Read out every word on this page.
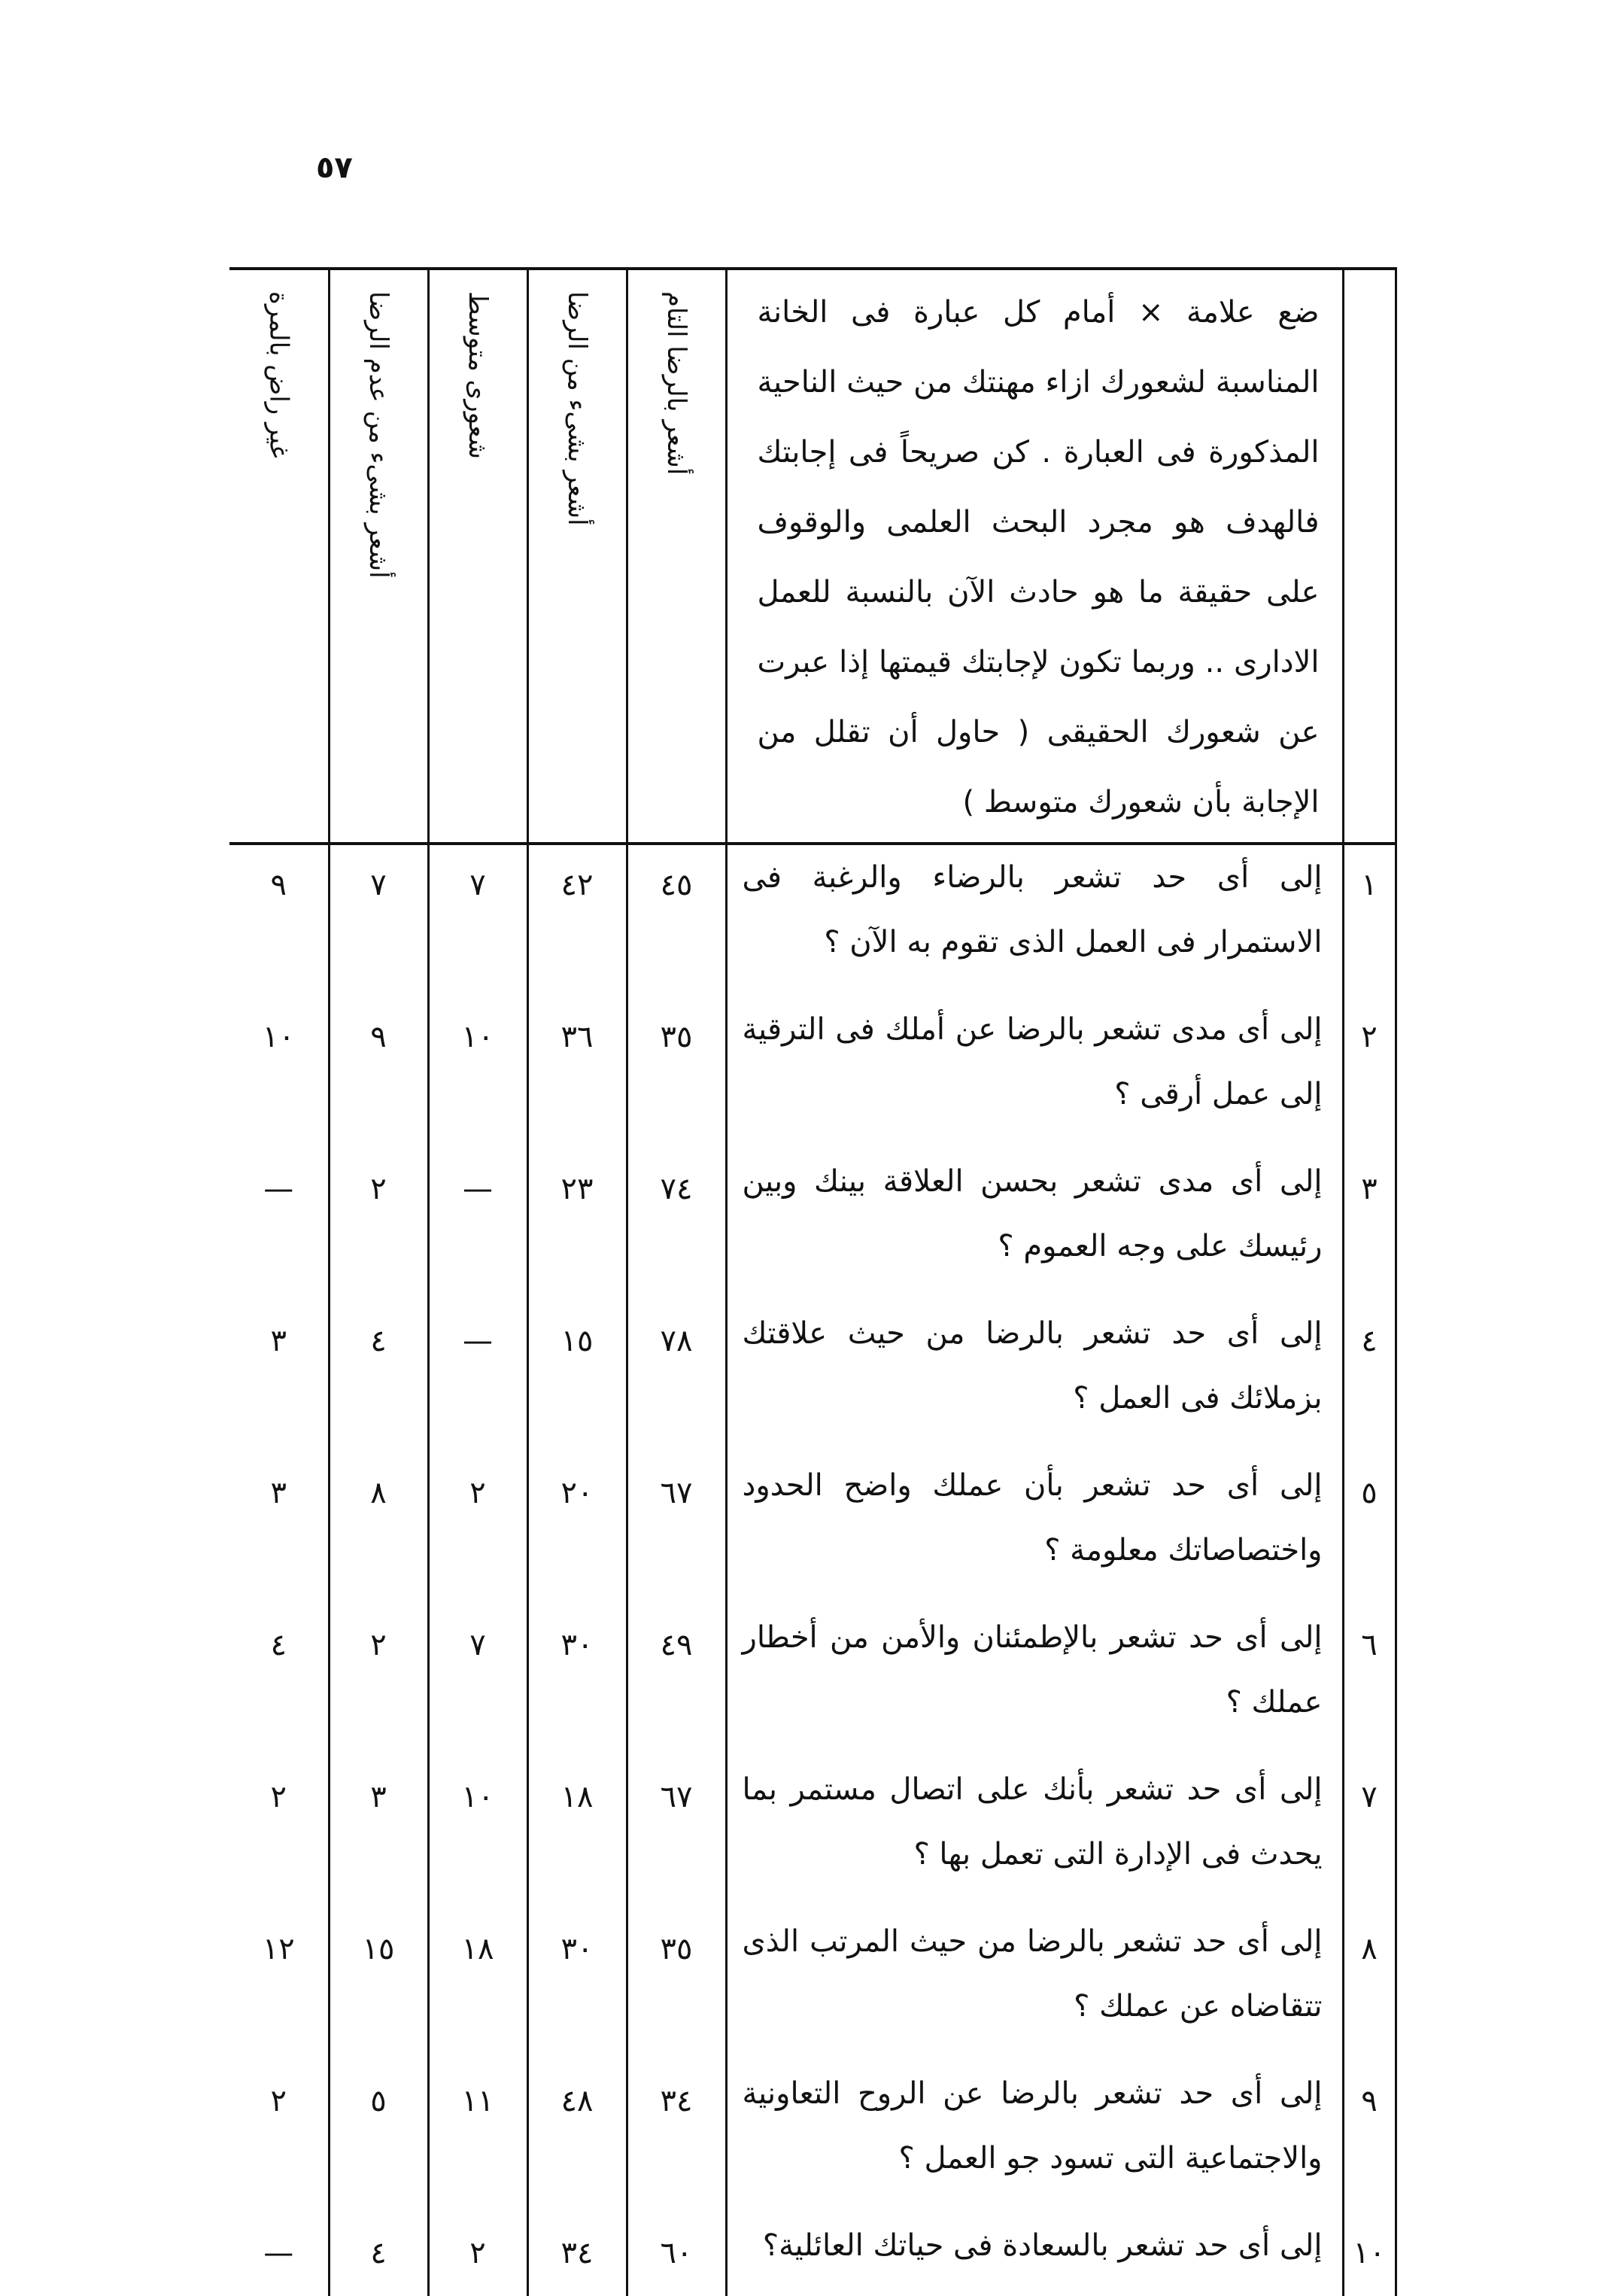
٥٧

	ضع علامة × أمام كل عبارة فى الخانة المناسبة لشعورك ازاء مهنتك من حيث الناحية المذكورة فى العبارة . كن صريحاً فى إجابتك فالهدف هو مجرد البحث العلمى والوقوف على حقيقة ما هو حادث الآن بالنسبة للعمل الادارى .. وربما تكون لإجابتك قيمتها إذا عبرت عن شعورك الحقيقى ( حاول أن تقلل من الإجابة بأن شعورك متوسط )	أشعر بالرضا التام	أشعر بشىء من الرضا	شعورى متوسط	أشعر بشىء من عدم الرضا	غير راض بالمرة

١	إلى أى حد تشعر بالرضاء والرغبة فى الاستمرار فى العمل الذى تقوم به الآن ؟	٤٥	٤٢	٧	٧	٩
٢	إلى أى مدى تشعر بالرضا عن أملك فى الترقية إلى عمل أرقى ؟	٣٥	٣٦	١٠	٩	١٠
٣	إلى أى مدى تشعر بحسن العلاقة بينك وبين رئيسك على وجه العموم ؟	٧٤	٢٣	—	٢	—
٤	إلى أى حد تشعر بالرضا من حيث علاقتك بزملائك فى العمل ؟	٧٨	١٥	—	٤	٣
٥	إلى أى حد تشعر بأن عملك واضح الحدود واختصاصاتك معلومة ؟	٦٧	٢٠	٢	٨	٣
٦	إلى أى حد تشعر بالإطمئنان والأمن من أخطار عملك ؟	٤٩	٣٠	٧	٢	٤
٧	إلى أى حد تشعر بأنك على اتصال مستمر بما يحدث فى الإدارة التى تعمل بها ؟	٦٧	١٨	١٠	٣	٢
٨	إلى أى حد تشعر بالرضا من حيث المرتب الذى تتقاضاه عن عملك ؟	٣٥	٣٠	١٨	١٥	١٢
٩	إلى أى حد تشعر بالرضا عن الروح التعاونية والاجتماعية التى تسود جو العمل ؟	٣٤	٤٨	١١	٥	٢
١٠	إلى أى حد تشعر بالسعادة فى حياتك العائلية؟	٦٠	٣٤	٢	٤	—
